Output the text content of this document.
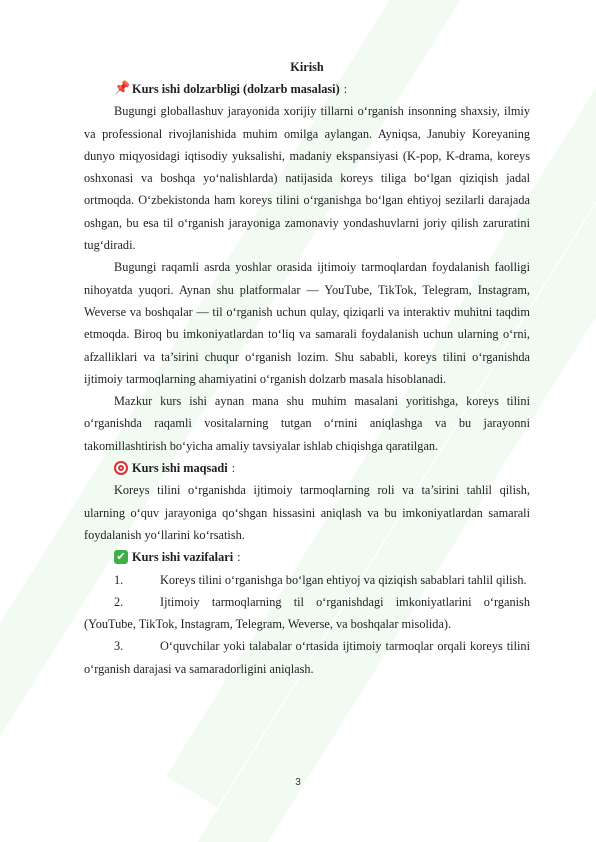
Kirish

📌 Kurs ishi dolzarbligi (dolzarb masalasi) :

Bugungi globallashuv jarayonida xorijiy tillarni o‘rganish insonning shaxsiy, ilmiy va professional rivojlanishida muhim omilga aylangan. Ayniqsa, Janubiy Koreyaning dunyo miqyosidagi iqtisodiy yuksalishi, madaniy ekspansiyasi (K-pop, K-drama, koreys oshxonasi va boshqa yo‘nalishlarda) natijasida koreys tiliga bo‘lgan qiziqish jadal ortmoqda. O‘zbekistonda ham koreys tilini o‘rganishga bo‘lgan ehtiyoj sezilarli darajada oshgan, bu esa til o‘rganish jarayoniga zamonaviy yondashuvlarni joriy qilish zaruratini tug‘diradi.

Bugungi raqamli asrda yoshlar orasida ijtimoiy tarmoqlardan foydalanish faolligi nihoyatda yuqori. Aynan shu platformalar — YouTube, TikTok, Telegram, Instagram, Weverse va boshqalar — til o‘rganish uchun qulay, qiziqarli va interaktiv muhitni taqdim etmoqda. Biroq bu imkoniyatlardan to‘liq va samarali foydalanish uchun ularning o‘rni, afzalliklari va ta’sirini chuqur o‘rganish lozim. Shu sababli, koreys tilini o‘rganishda ijtimoiy tarmoqlarning ahamiyatini o‘rganish dolzarb masala hisoblanadi.

Mazkur kurs ishi aynan mana shu muhim masalani yoritishga, koreys tilini o‘rganishda raqamli vositalarning tutgan o‘rnini aniqlashga va bu jarayonni takomillashtirish bo‘yicha amaliy tavsiyalar ishlab chiqishga qaratilgan.

Kurs ishi maqsadi :

Koreys tilini o‘rganishda ijtimoiy tarmoqlarning roli va ta’sirini tahlil qilish, ularning o‘quv jarayoniga qo‘shgan hissasini aniqlash va bu imkoniyatlardan samarali foydalanish yo‘llarini ko‘rsatish.

✔ Kurs ishi vazifalari :

1.	Koreys tilini o‘rganishga bo‘lgan ehtiyoj va qiziqish sabablari tahlil qilish.

2.	Ijtimoiy tarmoqlarning til o‘rganishdagi imkoniyatlarini o‘rganish (YouTube, TikTok, Instagram, Telegram, Weverse, va boshqalar misolida).

3.	O‘quvchilar yoki talabalar o‘rtasida ijtimoiy tarmoqlar orqali koreys tilini o‘rganish darajasi va samaradorligini aniqlash.

3
